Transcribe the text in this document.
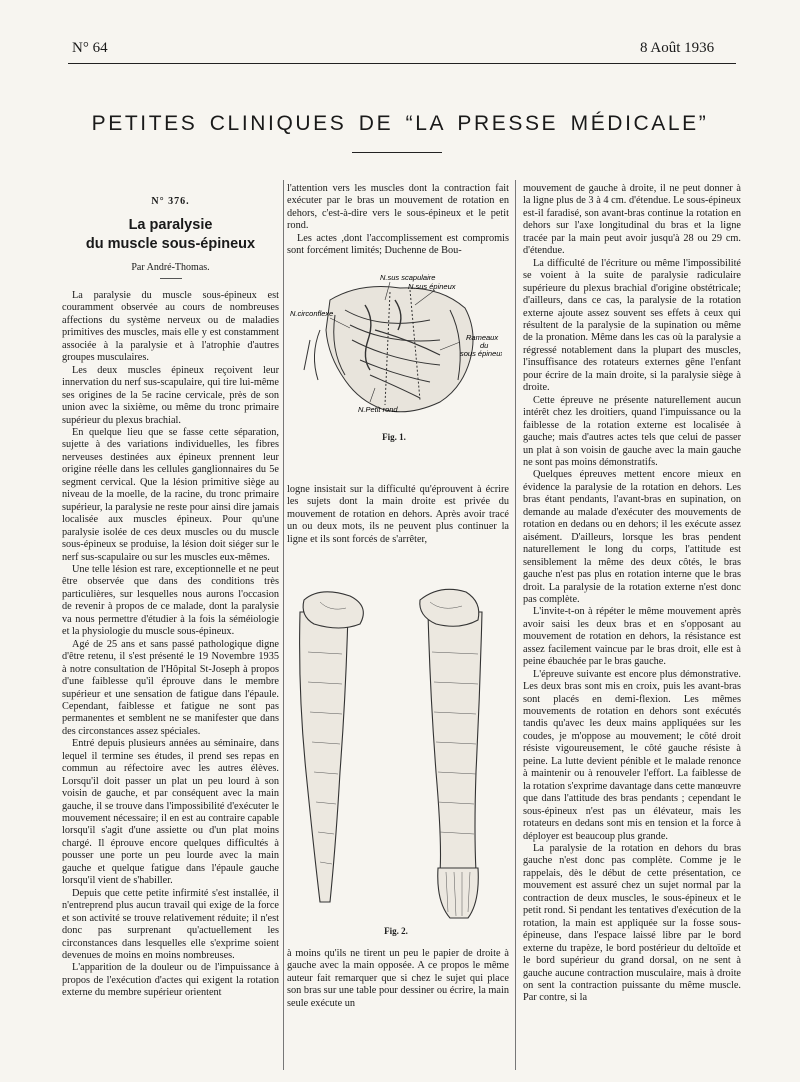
N° 64	8 Août 1936
PETITES CLINIQUES DE “LA PRESSE MÉDICALE”
N° 376.
La paralysie
du muscle sous-épineux
Par André-Thomas.

La paralysie du muscle sous-épineux est couramment observée au cours de nombreuses affections du système nerveux ou de maladies primitives des muscles, mais elle y est constamment associée à la paralysie et à l'atrophie d'autres groupes musculaires.

Les deux muscles épineux reçoivent leur innervation du nerf sus-scapulaire, qui tire lui-même ses origines de la 5e racine cervicale, près de son union avec la sixième, ou même du tronc primaire supérieur du plexus brachial.

En quelque lieu que se fasse cette séparation, sujette à des variations individuelles, les fibres nerveuses destinées aux épineux prennent leur origine réelle dans les cellules ganglionnaires du 5e segment cervical. Que la lésion primitive siège au niveau de la moelle, de la racine, du tronc primaire supérieur, la paralysie ne reste pour ainsi dire jamais localisée aux muscles épineux. Pour qu'une paralysie isolée de ces deux muscles ou du muscle sous-épineux se produise, la lésion doit siéger sur le nerf sus-scapulaire ou sur les muscles eux-mêmes.

Une telle lésion est rare, exceptionnelle et ne peut être observée que dans des conditions très particulières, sur lesquelles nous aurons l'occasion de revenir à propos de ce malade, dont la paralysie va nous permettre d'étudier à la fois la séméiologie et la physiologie du muscle sous-épineux.

Agé de 25 ans et sans passé pathologique digne d'être retenu, il s'est présenté le 19 Novembre 1935 à notre consultation de l'Hôpital St-Joseph à propos d'une faiblesse qu'il éprouve dans le membre supérieur et une sensation de fatigue dans l'épaule. Cependant, faiblesse et fatigue ne sont pas permanentes et semblent ne se manifester que dans des circonstances assez spéciales.

Entré depuis plusieurs années au séminaire, dans lequel il termine ses études, il prend ses repas en commun au réfectoire avec les autres élèves. Lorsqu'il doit passer un plat un peu lourd à son voisin de gauche, et par conséquent avec la main gauche, il se trouve dans l'impossibilité d'exécuter le mouvement nécessaire; il en est au contraire capable lorsqu'il s'agit d'une assiette ou d'un plat moins chargé. Il éprouve encore quelques difficultés à pousser une porte un peu lourde avec la main gauche et quelque fatigue dans l'épaule gauche lorsqu'il vient de s'habiller.

Depuis que cette petite infirmité s'est installée, il n'entreprend plus aucun travail qui exige de la force et son activité se trouve relativement réduite; il n'est donc pas surprenant qu'actuellement les circonstances dans lesquelles elle s'exprime soient devenues de moins en moins nombreuses.

L'apparition de la douleur ou de l'impuissance à propos de l'exécution d'actes qui exigent la rotation externe du membre supérieur orientent

l'attention vers les muscles dont la contraction fait exécuter par le bras un mouvement de rotation en dehors, c'est-à-dire vers le sous-épineux et le petit rond.

Les actes ,dont l'accomplissement est compromis sont forcément limités; Duchenne de Bou-

logne insistait sur la difficulté qu'éprouvent à écrire les sujets dont la main droite est privée du mouvement de rotation en dehors. Après avoir tracé un ou deux mots, ils ne peuvent plus continuer la ligne et ils sont forcés de s'arrêter,

à moins qu'ils ne tirent un peu le papier de droite à gauche avec la main opposée. A ce propos le même auteur fait remarquer que si chez le sujet qui place son bras sur une table pour dessiner ou écrire, la main seule exécute un

mouvement de gauche à droite, il ne peut donner à la ligne plus de 3 à 4 cm. d'étendue. Le sous-épineux est-il faradisé, son avant-bras continue la rotation en dehors sur l'axe longitudinal du bras et la ligne tracée par la main peut avoir jusqu'à 28 ou 29 cm. d'étendue.

La difficulté de l'écriture ou même l'impossibilité se voient à la suite de paralysie radiculaire supérieure du plexus brachial d'origine obstétricale; d'ailleurs, dans ce cas, la paralysie de la rotation externe ajoute assez souvent ses effets à ceux qui résultent de la paralysie de la supination ou même de la pronation. Même dans les cas où la paralysie a régressé notablement dans la plupart des muscles, l'insuffisance des rotateurs externes gêne l'enfant pour écrire de la main droite, si la paralysie siège à droite.

Cette épreuve ne présente naturellement aucun intérêt chez les droitiers, quand l'impuissance ou la faiblesse de la rotation externe est localisée à gauche; mais d'autres actes tels que celui de passer un plat à son voisin de gauche avec la main gauche ne sont pas moins démonstratifs.

Quelques épreuves mettent encore mieux en évidence la paralysie de la rotation en dehors. Les bras étant pendants, l'avant-bras en supination, on demande au malade d'exécuter des mouvements de rotation en dedans ou en dehors; il les exécute assez aisément. D'ailleurs, lorsque les bras pendent naturellement le long du corps, l'attitude est sensiblement la même des deux côtés, le bras gauche n'est pas plus en rotation interne que le bras droit. La paralysie de la rotation externe n'est donc pas complète.

L'invite-t-on à répéter le même mouvement après avoir saisi les deux bras et en s'opposant au mouvement de rotation en dehors, la résistance est assez facilement vaincue par le bras droit, elle est à peine ébauchée par le bras gauche.

L'épreuve suivante est encore plus démonstrative. Les deux bras sont mis en croix, puis les avant-bras sont placés en demi-flexion. Les mêmes mouvements de rotation en dehors sont exécutés tandis qu'avec les deux mains appliquées sur les coudes, je m'oppose au mouvement; le côté droit résiste vigoureusement, le côté gauche résiste à peine. La lutte devient pénible et le malade renonce à maintenir ou à renouveler l'effort. La faiblesse de la rotation s'exprime davantage dans cette manœuvre que dans l'attitude des bras pendants ; cependant le sous-épineux n'est pas un élévateur, mais les rotateurs en dedans sont mis en tension et la force à déployer est beaucoup plus grande.

La paralysie de la rotation en dehors du bras gauche n'est donc pas complète. Comme je le rappelais, dès le début de cette présentation, ce mouvement est assuré chez un sujet normal par la contraction de deux muscles, le sous-épineux et le petit rond. Si pendant les tentatives d'exécution de la rotation, la main est appliquée sur la fosse sous-épineuse, dans l'espace laissé libre par le bord externe du trapèze, le bord postérieur du deltoïde et le bord supérieur du grand dorsal, on ne sent à gauche aucune contraction musculaire, mais à droite on sent la contraction puissante du même muscle. Par contre, si la

N.sus scapulaire
N.sus épineux
N.circonflexe
Rameaux
du
sous épineux
N.Petit rond
Fig. 1.
Fig. 2.
